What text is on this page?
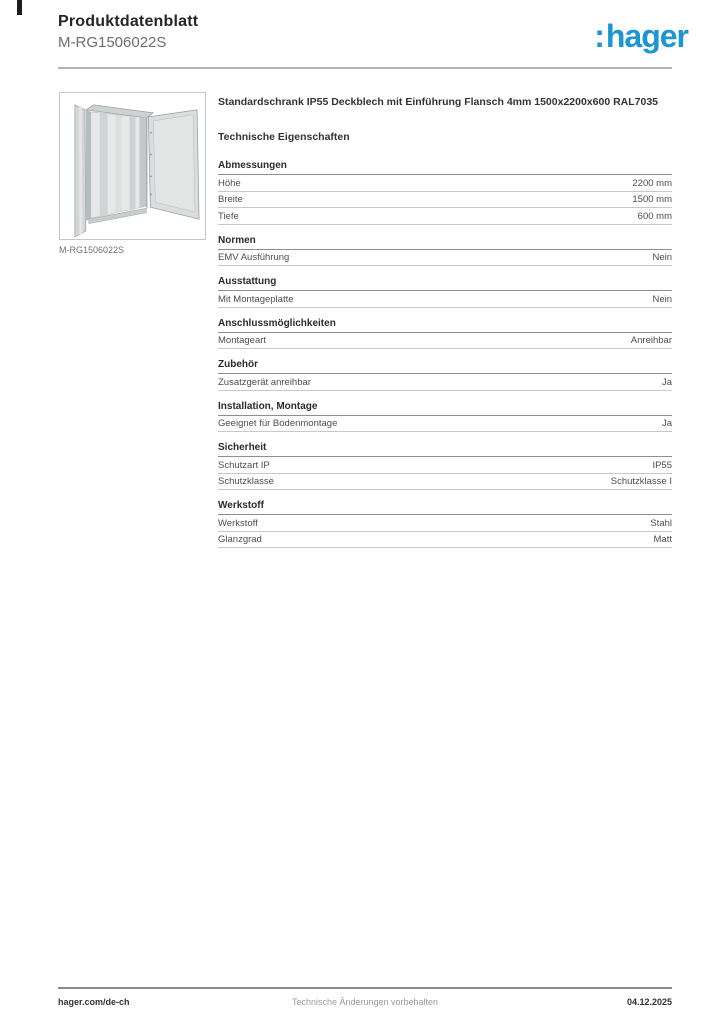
Produktdatenblatt
M-RG1506022S	:hager
M-RG1506022S
Standardschrank IP55 Deckblech mit Einführung Flansch 4mm 1500x2200x600 RAL7035
Technische Eigenschaften
Abmessungen
Höhe	2200 mm
Breite	1500 mm
Tiefe	600 mm
Normen
EMV Ausführung	Nein
Ausstattung
Mit Montageplatte	Nein
Anschlussmöglichkeiten
Montageart	Anreihbar
Zubehör
Zusatzgerät anreihbar	Ja
Installation, Montage
Geeignet für Bodenmontage	Ja
Sicherheit
Schutzart IP	IP55
Schutzklasse	Schutzklasse I
Werkstoff
Werkstoff	Stahl
Glanzgrad	Matt
hager.com/de-ch	Technische Änderungen vorbehalten	04.12.2025
